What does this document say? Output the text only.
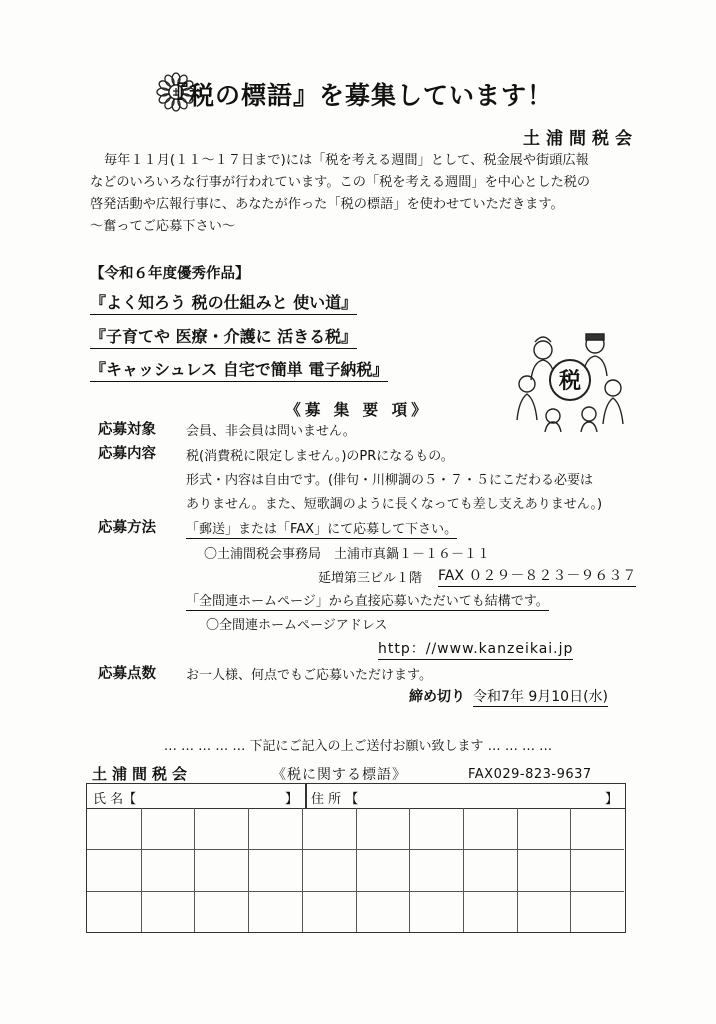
『税の標語』を募集しています！
土浦間税会

毎年１１月(１１～１７日まで)には「税を考える週間」として、税金展や街頭広報

などのいろいろな行事が行われています。この「税を考える週間」を中心とした税の

啓発活動や広報行事に、あなたが作った「税の標語」を使わせていただきます。

～奮ってご応募下さい～

【令和６年度優秀作品】
『よく知ろう 税の仕組みと 使い道』
『子育てや 医療・介護に 活きる税』
『キャッシュレス 自宅で簡単 電子納税』	税
《募 集 要 項》
応募対象 会員、非会員は問いません。
応募内容 税(消費税に限定しません。)のPRになるもの。
形式・内容は自由です。(俳句・川柳調の５・７・５にこだわる必要は
ありません。また、短歌調のように長くなっても差し支えありません。)
応募方法 「郵送」または「FAX」にて応募して下さい。
〇土浦間税会事務局　土浦市真鍋１－１６－１１
延増第三ビル１階 FAX ０２９－８２３－９６３７
「全間連ホームページ」から直接応募いただいても結構です。
〇全間連ホームページアドレス
http：//www.kanzeikai.jp
応募点数 お一人様、何点でもご応募いただけます。
締め切り 令和7年 9月10日(水)
… … … … … 下記にご記入の上ご送付お願い致します … … … …
土浦間税会	《税に関する標語》	FAX029-823-9637
氏 名【	】 住 所 【	】
